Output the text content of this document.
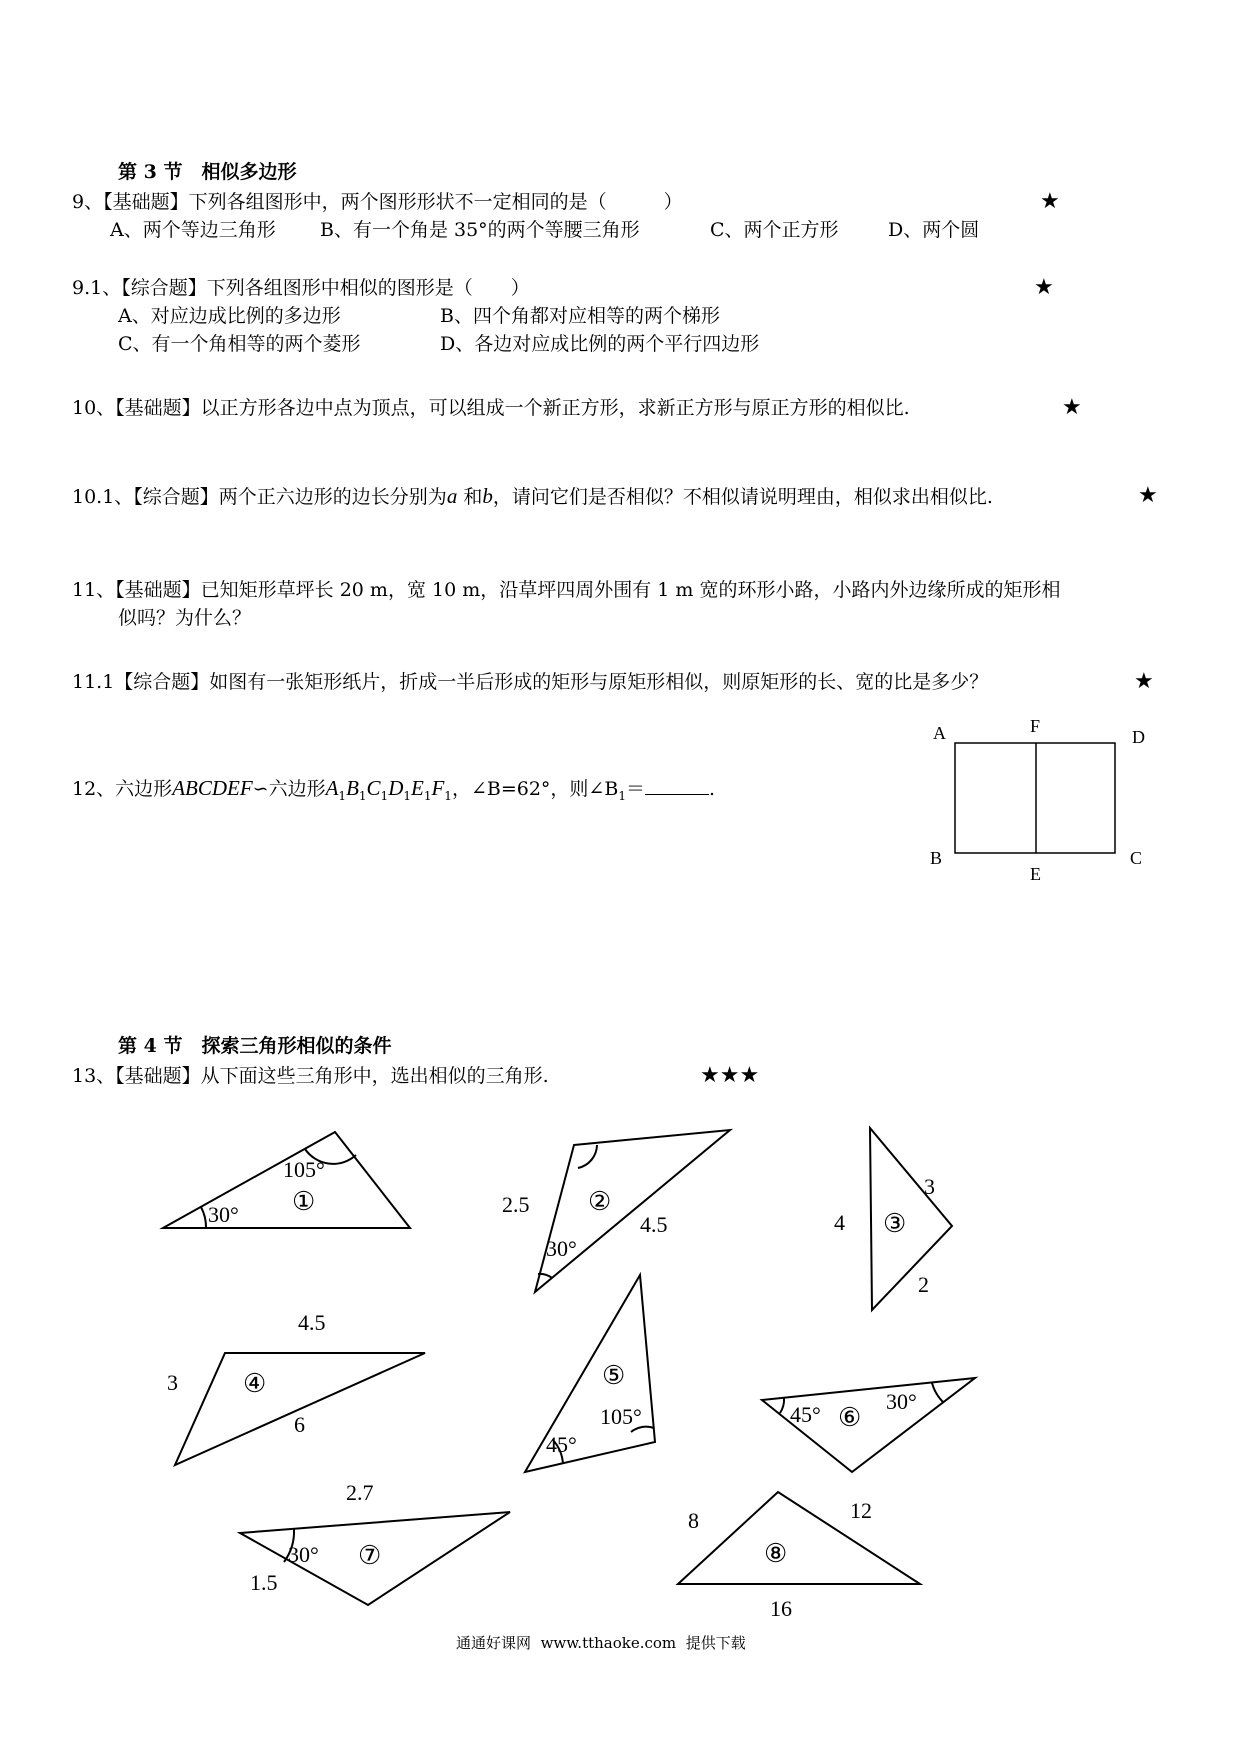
第 3 节　相似多边形
9、【基础题】下列各组图形中，两个图形形状不一定相同的是（　　　）	★
A、两个等边三角形 B、有一个角是 35°的两个等腰三角形	C、两个正方形	D、两个圆
9.1、【综合题】下列各组图形中相似的图形是（　　）	★
A、对应边成比例的多边形	B、四个角都对应相等的两个梯形
C、有一个角相等的两个菱形	D、各边对应成比例的两个平行四边形
10、【基础题】以正方形各边中点为顶点，可以组成一个新正方形，求新正方形与原正方形的相似比.	★
10.1、【综合题】两个正六边形的边长分别为a 和b，请问它们是否相似？不相似请说明理由，相似求出相似比.	★
11、【基础题】已知矩形草坪长 20 m，宽 10 m，沿草坪四周外围有 1 m 宽的环形小路，小路内外边缘所成的矩形相
似吗？为什么？
11.1【综合题】如图有一张矩形纸片，折成一半后形成的矩形与原矩形相似，则原矩形的长、宽的比是多少？	★
A	F
D
B
E
C
12、六边形ABCDEF∽六边形$A_1B_1C_1D_1E_1F_1$，∠B=62°，则$\angle B_1=$	.
第 4 节　探索三角形相似的条件
13、【基础题】从下面这些三角形中，选出相似的三角形.	★★★
105°
30° ①	2.5
4.5
30°
②
4
3
2
③
4.5
3
6
④
105°
45°
⑤
45°
30°
⑥
2.7
1.5
30° ⑦
8	12
16
⑧
通通好课网 www.tthaoke.com 提供下载
